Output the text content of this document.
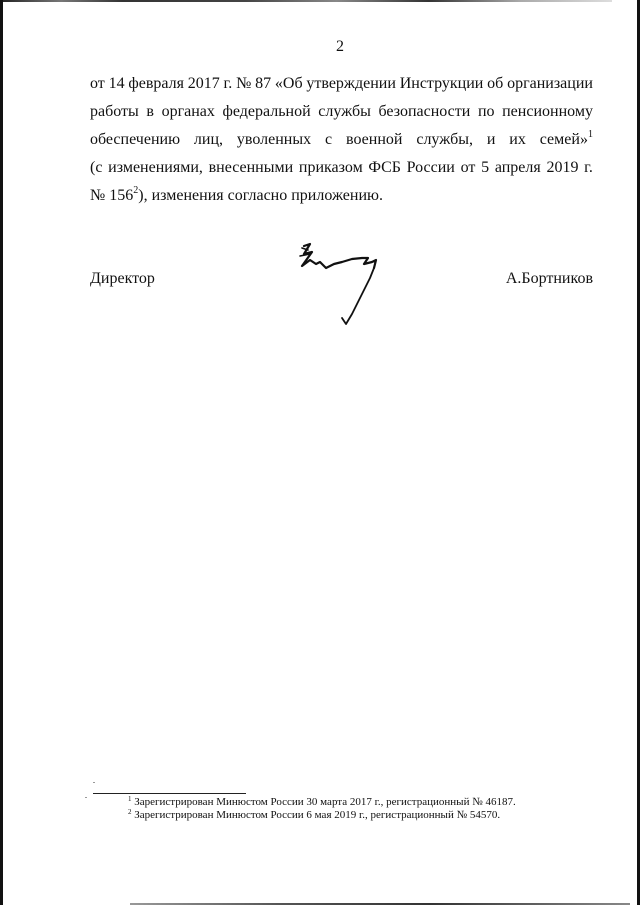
2
от 14 февраля 2017 г. № 87 «Об утверждении Инструкции об организации
работы в органах федеральной службы безопасности по пенсионному
обеспечению лиц, уволенных с военной службы, и их семей»$^1$
(с изменениями, внесенными приказом ФСБ России от 5 апреля 2019 г.
№ $156^2$), изменения согласно приложению.
Директор	А.Бортников
$^1$ Зарегистрирован Минюстом России 30 марта 2017 г., регистрационный № 46187.
$^2$ Зарегистрирован Минюстом России 6 мая 2019 г., регистрационный № 54570.
